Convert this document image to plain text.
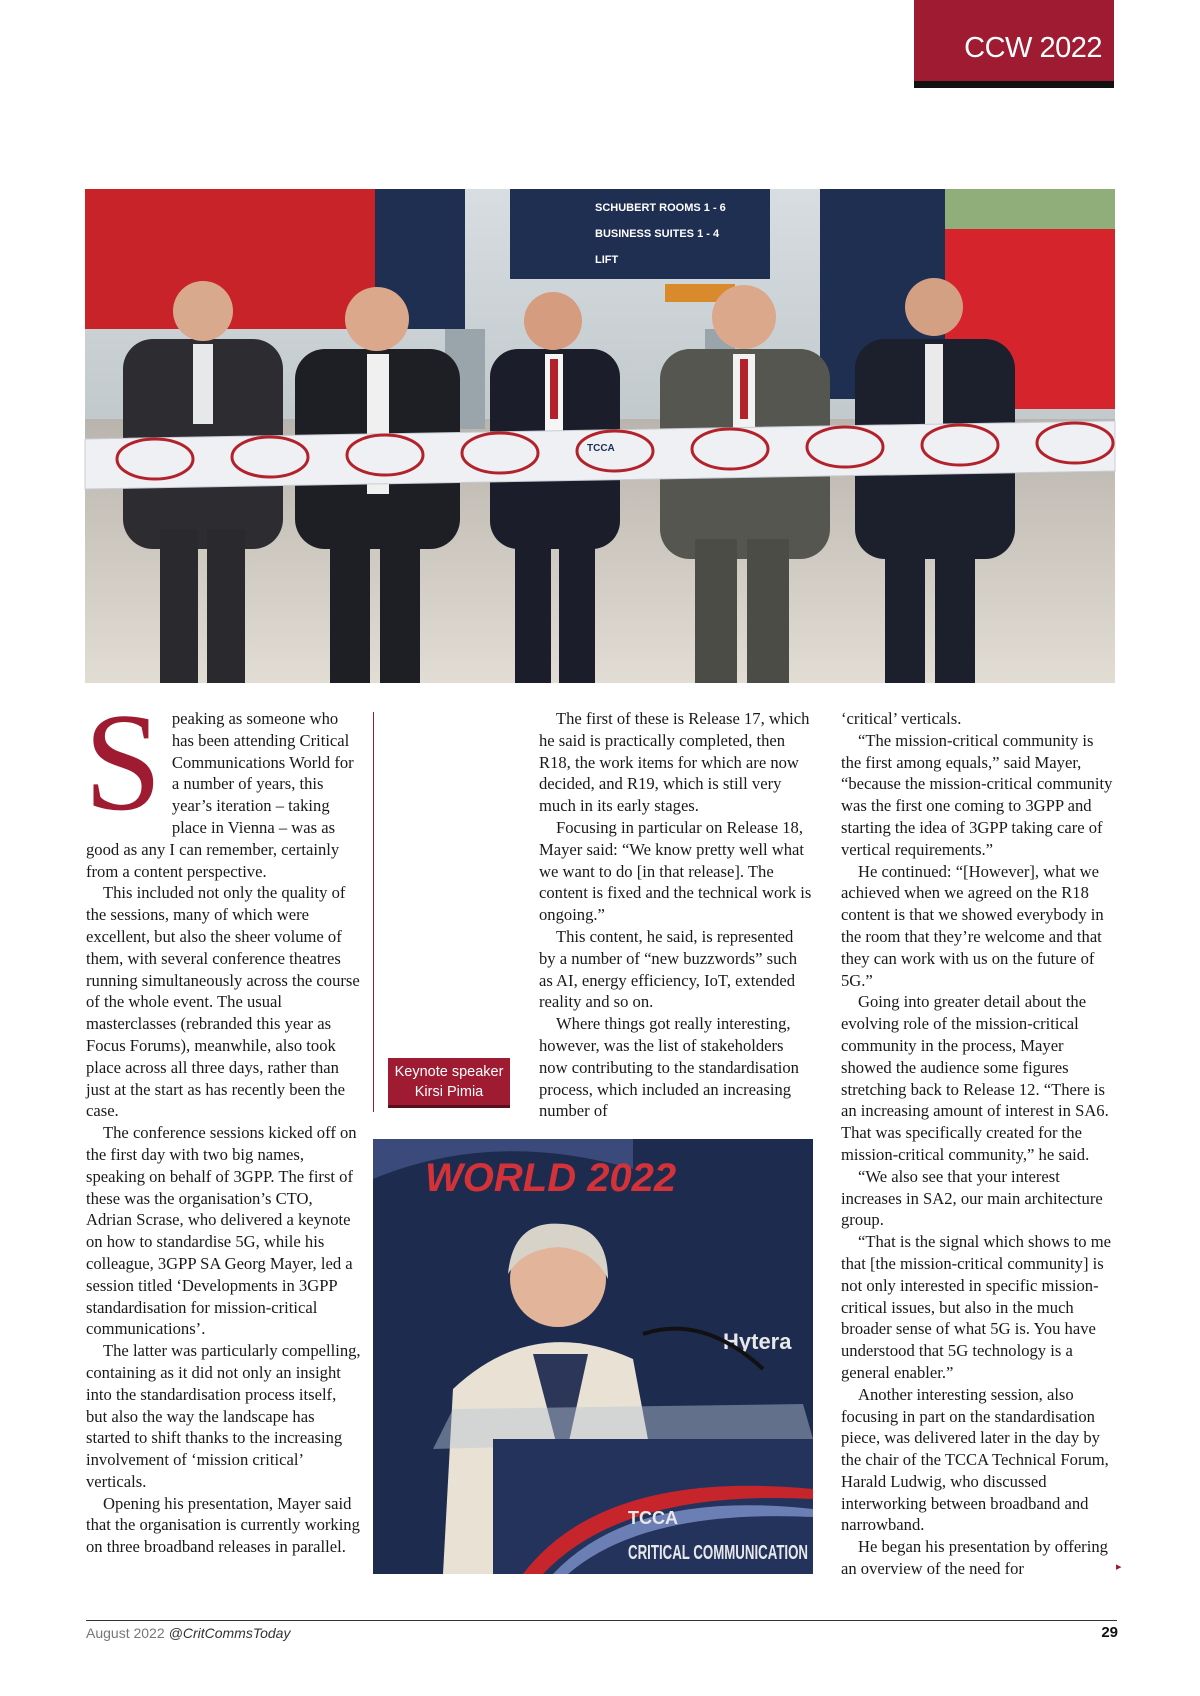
CCW 2022
SCHUBERT ROOMS 1 - 6
BUSINESS SUITES 1 - 4
LIFT
TCCA
S peaking as someone who has been attending Critical Communications World for a number of years, this year’s iteration – taking place in Vienna – was as good as any I can remember, certainly from a content perspective.

This included not only the quality of the sessions, many of which were excellent, but also the sheer volume of them, with several conference theatres running simultaneously across the course of the whole event. The usual masterclasses (rebranded this year as Focus Forums), meanwhile, also took place across all three days, rather than just at the start as has recently been the case.

The conference sessions kicked off on the first day with two big names, speaking on behalf of 3GPP. The first of these was the organisation’s CTO, Adrian Scrase, who delivered a keynote on how to standardise 5G, while his colleague, 3GPP SA Georg Mayer, led a session titled ‘Developments in 3GPP standardisation for mission-critical communications’.

The latter was particularly compelling, containing as it did not only an insight into the standardisation process itself, but also the way the landscape has started to shift thanks to the increasing involvement of ‘mission critical’ verticals.

Opening his presentation, Mayer said that the organisation is currently working on three broadband releases in parallel.

Keynote speaker
Kirsi Pimia

The first of these is Release 17, which he said is practically completed, then R18, the work items for which are now decided, and R19, which is still very much in its early stages.

Focusing in particular on Release 18, Mayer said: “We know pretty well what we want to do [in that release]. The content is fixed and the technical work is ongoing.”

This content, he said, is represented by a number of “new buzzwords” such as AI, energy efficiency, IoT, extended reality and so on.

Where things got really interesting, however, was the list of stakeholders now contributing to the standardisation process, which included an increasing number of

WORLD 2022
Hytera
TCCA
CRITICAL COMMUNICATION

‘critical’ verticals.

“The mission-critical community is the first among equals,” said Mayer, “because the mission-critical community was the first one coming to 3GPP and starting the idea of 3GPP taking care of vertical requirements.”

He continued: “[However], what we achieved when we agreed on the R18 content is that we showed everybody in the room that they’re welcome and that they can work with us on the future of 5G.”

Going into greater detail about the evolving role of the mission-critical community in the process, Mayer showed the audience some figures stretching back to Release 12. “There is an increasing amount of interest in SA6. That was specifically created for the mission-critical community,” he said.

“We also see that your interest increases in SA2, our main architecture group.

“That is the signal which shows to me that [the mission-critical community] is not only interested in specific mission-critical issues, but also in the much broader sense of what 5G is. You have understood that 5G technology is a general enabler.”

Another interesting session, also focusing in part on the standardisation piece, was delivered later in the day by the chair of the TCCA Technical Forum, Harald Ludwig, who discussed interworking between broadband and narrowband.

He began his presentation by offering an overview of the need for	▸
August 2022 @CritCommsToday	29
